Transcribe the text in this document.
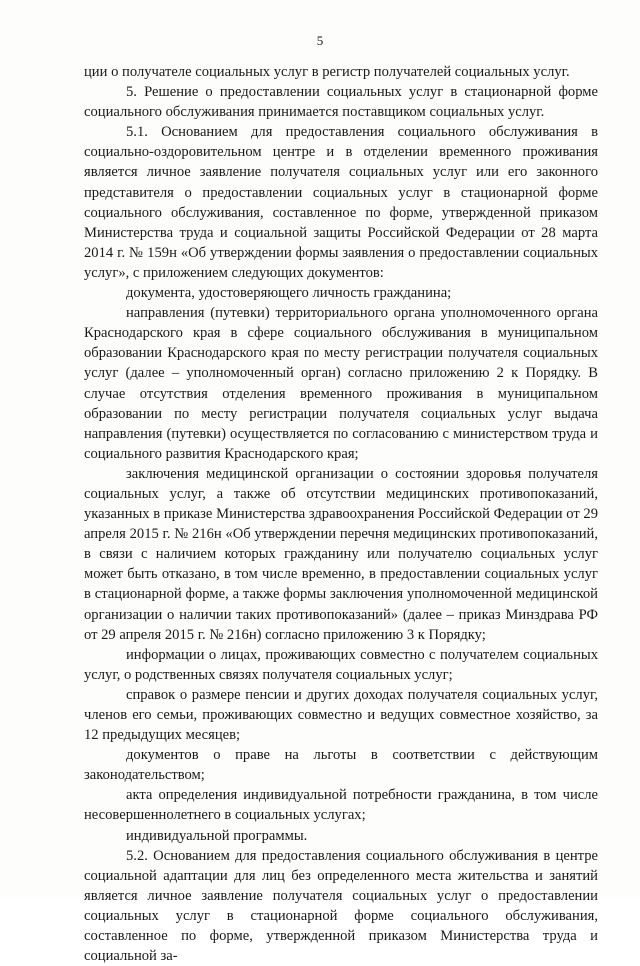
5

ции о получателе социальных услуг в регистр получателей социальных услуг.

5. Решение о предоставлении социальных услуг в стационарной форме социального обслуживания принимается поставщиком социальных услуг.

5.1. Основанием для предоставления социального обслуживания в социально-оздоровительном центре и в отделении временного проживания является личное заявление получателя социальных услуг или его законного представителя о предоставлении социальных услуг в стационарной форме социального обслуживания, составленное по форме, утвержденной приказом Министерства труда и социальной защиты Российской Федерации от 28 марта 2014 г. № 159н «Об утверждении формы заявления о предоставлении социальных услуг», с приложением следующих документов:

документа, удостоверяющего личность гражданина;

направления (путевки) территориального органа уполномоченного органа Краснодарского края в сфере социального обслуживания в муниципальном образовании Краснодарского края по месту регистрации получателя социальных услуг (далее – уполномоченный орган) согласно приложению 2 к Порядку. В случае отсутствия отделения временного проживания в муниципальном образовании по месту регистрации получателя социальных услуг выдача направления (путевки) осуществляется по согласованию с министерством труда и социального развития Краснодарского края;

заключения медицинской организации о состоянии здоровья получателя социальных услуг, а также об отсутствии медицинских противопоказаний, указанных в приказе Министерства здравоохранения Российской Федерации от 29 апреля 2015 г. № 216н «Об утверждении перечня медицинских противопоказаний, в связи с наличием которых гражданину или получателю социальных услуг может быть отказано, в том числе временно, в предоставлении социальных услуг в стационарной форме, а также формы заключения уполномоченной медицинской организации о наличии таких противопоказаний» (далее – приказ Минздрава РФ от 29 апреля 2015 г. № 216н) согласно приложению 3 к Порядку;

информации о лицах, проживающих совместно с получателем социальных услуг, о родственных связях получателя социальных услуг;

справок о размере пенсии и других доходах получателя социальных услуг, членов его семьи, проживающих совместно и ведущих совместное хозяйство, за 12 предыдущих месяцев;

документов о праве на льготы в соответствии с действующим законодательством;

акта определения индивидуальной потребности гражданина, в том числе несовершеннолетнего в социальных услугах;

индивидуальной программы.

5.2. Основанием для предоставления социального обслуживания в центре социальной адаптации для лиц без определенного места жительства и занятий является личное заявление получателя социальных услуг о предоставлении социальных услуг в стационарной форме социального обслуживания, составленное по форме, утвержденной приказом Министерства труда и социальной за-
